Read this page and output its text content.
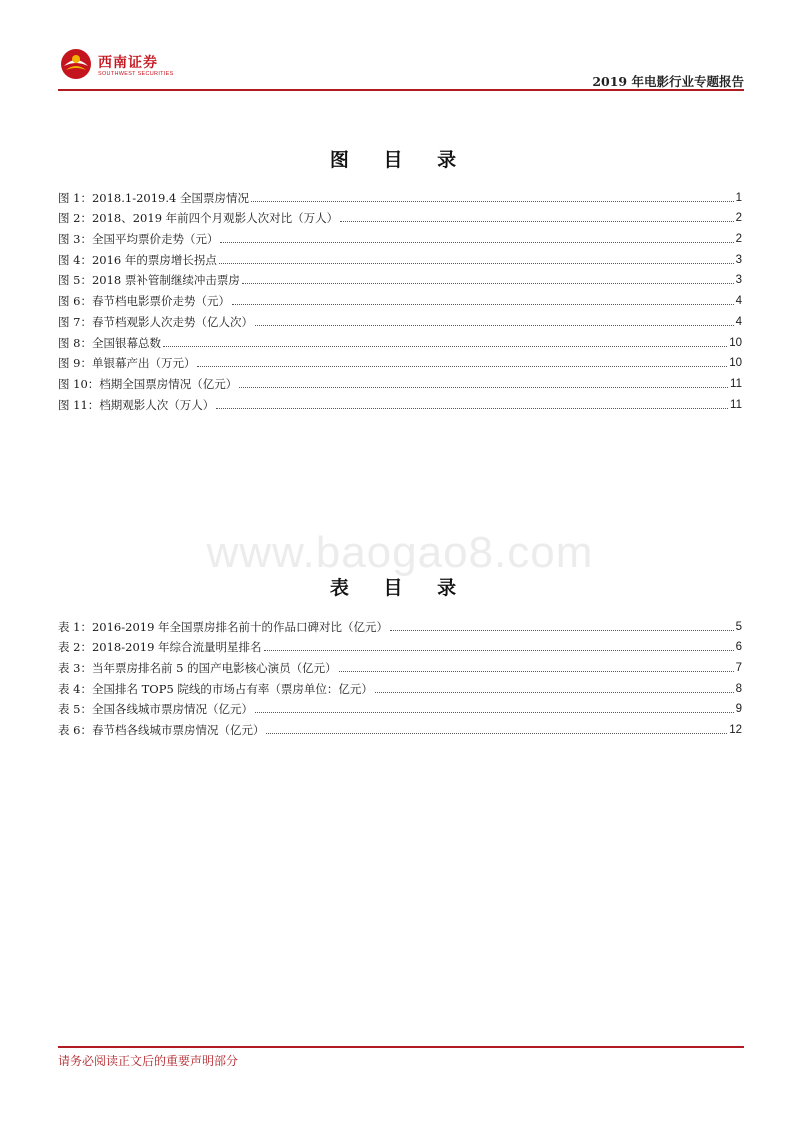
西南证券
SOUTHWEST SECURITIES	2019 年电影行业专题报告
图 目 录
图 1：2018.1-2019.4 全国票房情况	1
图 2：2018、2019 年前四个月观影人次对比（万人）	2
图 3：全国平均票价走势（元）	2
图 4：2016 年的票房增长拐点	3
图 5：2018 票补管制继续冲击票房	3
图 6：春节档电影票价走势（元）	4
图 7：春节档观影人次走势（亿人次）	4
图 8：全国银幕总数	10
图 9：单银幕产出（万元）	10
图 10：档期全国票房情况（亿元）	11
图 11：档期观影人次（万人）	11
www.baogao8.com
表 目 录
表 1：2016-2019 年全国票房排名前十的作品口碑对比（亿元）	5
表 2：2018-2019 年综合流量明星排名	6
表 3：当年票房排名前 5 的国产电影核心演员（亿元）	7
表 4：全国排名 TOP5 院线的市场占有率（票房单位：亿元）	8
表 5：全国各线城市票房情况（亿元）	9
表 6：春节档各线城市票房情况（亿元）	12
请务必阅读正文后的重要声明部分
